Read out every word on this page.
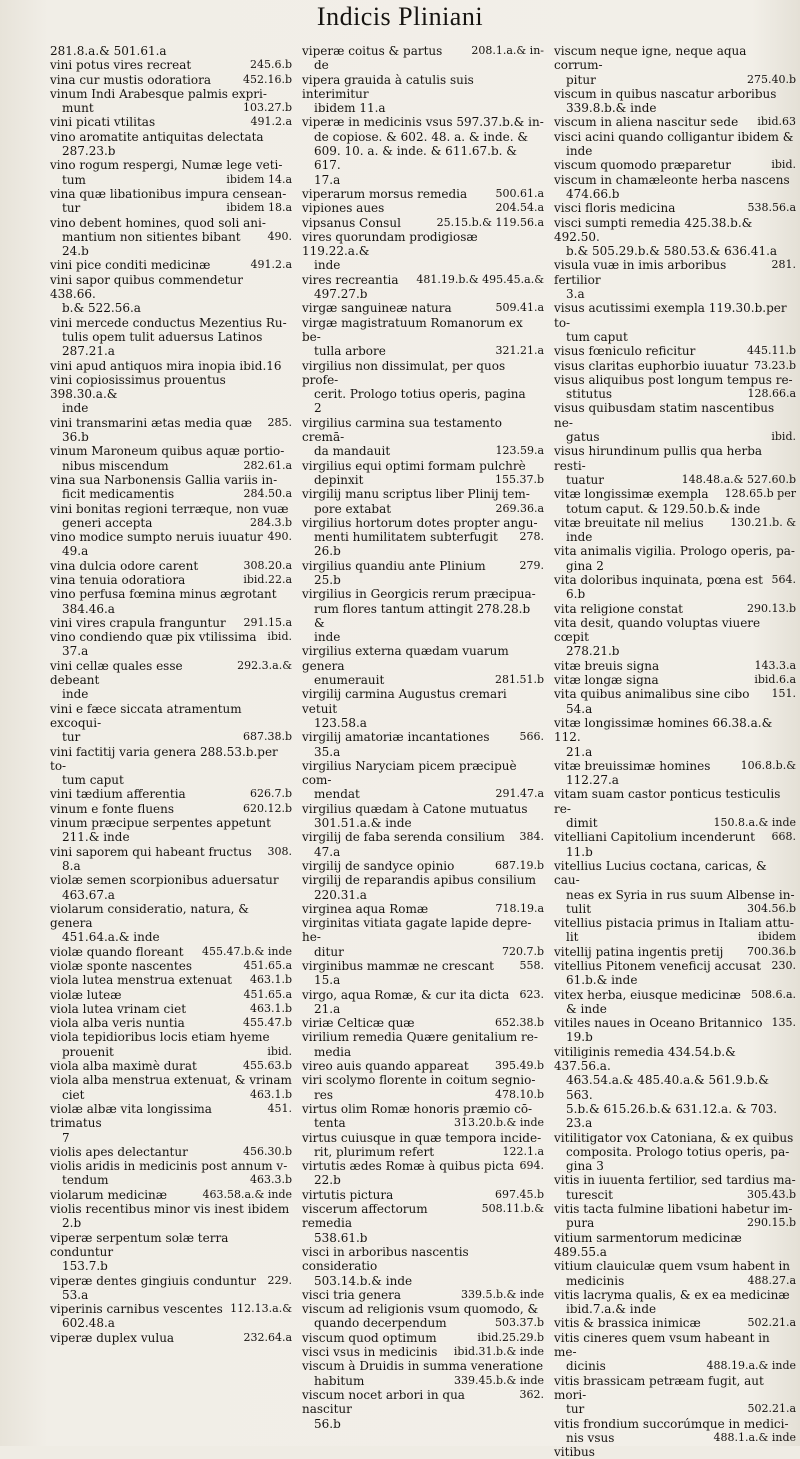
Indicis Pliniani
281.8.a.& 501.61.a
vini potus vires recreat	245.6.b
vina cur mustis odoratiora	452.16.b
vinum Indi Arabesque palmis expri-
munt	103.27.b
vini picati vtilitas	491.2.a
vino aromatite antiquitas delectata
287.23.b
vino rogum respergi, Numæ lege veti-
tum	ibidem 14.a
vina quæ libationibus impura censean-
tur	ibidem 18.a
vino debent homines, quod soli ani-
mantium non sitientes bibant	490.
24.b
vini pice conditi medicinæ	491.2.a
vini sapor quibus commendetur 438.66.
b.& 522.56.a
vini mercede conductus Mezentius Ru-
tulis opem tulit aduersus Latinos
287.21.a
vini apud antiquos mira inopia ibid.16
vini copiosissimus prouentus 398.30.a.&
inde
vini transmarini ætas media quæ	285.
36.b
vinum Maroneum quibus aquæ portio-
nibus miscendum	282.61.a
vina sua Narbonensis Gallia variis in-
ficit medicamentis	284.50.a
vini bonitas regioni terræque, non vuæ
generi accepta	284.3.b
vino modice sumpto neruis iuuatur 490.
49.a
vina dulcia odore carent	308.20.a
vina tenuia odoratiora	ibid.22.a
vino perfusa fœmina minus ægrotant
384.46.a
vini vires crapula franguntur	291.15.a
vino condiendo quæ pix vtilissima ibid.
37.a
vini cellæ quales esse debeant
292.3.a.&
inde
vini e fæce siccata atramentum excoqui-
tur	687.38.b
vini factitij varia genera 288.53.b.per to-
tum caput
vini tædium afferentia	626.7.b
vinum e fonte fluens	620.12.b
vinum præcipue serpentes appetunt
211.& inde
vini saporem qui habeant fructus	308.
8.a
violæ semen scorpionibus aduersatur
463.67.a
violarum consideratio, natura, & genera
451.64.a.& inde
violæ quando floreant	455.47.b.& inde
violæ sponte nascentes	451.65.a
viola lutea menstrua extenuat	463.1.b
violæ luteæ	451.65.a
viola lutea vrinam ciet	463.1.b
viola alba veris nuntia	455.47.b
viola tepidioribus locis etiam hyeme
prouenit	ibid.
viola alba maximè durat	455.63.b
viola alba menstrua extenuat, & vrinam
ciet	463.1.b
violæ albæ vita longissima trimatus
451.
7
violis apes delectantur	456.30.b
violis aridis in medicinis post annum v-
tendum	463.3.b
violarum medicinæ	463.58.a.& inde
violis recentibus minor vis inest ibidem
2.b
viperæ serpentum solæ terra conduntur
153.7.b
viperæ dentes gingiuis conduntur	229.
53.a
viperinis carnibus vescentes 112.13.a.&
602.48.a
viperæ duplex vulua	232.64.a
viperæ coitus & partus	208.1.a.& in-
de
vipera grauida à catulis suis interimitur
ibidem 11.a
viperæ in medicinis vsus 597.37.b.& in-
de copiose. & 602. 48. a. & inde. &
609. 10. a. & inde. & 611.67.b. & 617.
17.a
viperarum morsus remedia	500.61.a
vipiones aues	204.54.a
vipsanus Consul	25.15.b.& 119.56.a
vires quorundam prodigiosæ 119.22.a.&
inde
vires recreantia	481.19.b.& 495.45.a.&
497.27.b
virgæ sanguineæ natura	509.41.a
virgæ magistratuum Romanorum ex be-
tulla arbore	321.21.a
virgilius non dissimulat, per quos profe-
cerit. Prologo totius operis, pagina
2
virgilius carmina sua testamento cremā-
da mandauit	123.59.a
virgilius equi optimi formam pulchrè
depinxit	155.37.b
virgilij manu scriptus liber Plinij tem-
pore extabat	269.36.a
virgilius hortorum dotes propter angu-
menti humilitatem subterfugit	278.
26.b
virgilius quandiu ante Plinium	279.
25.b
virgilius in Georgicis rerum præcipua-
rum flores tantum attingit 278.28.b &
inde
virgilius externa quædam vuarum genera
enumerauit	281.51.b
virgilij carmina Augustus cremari vetuit
123.58.a
virgilij amatoriæ incantationes	566.
35.a
virgilius Naryciam picem præcipuè com-
mendat	291.47.a
virgilius quædam à Catone mutuatus
301.51.a.& inde
virgilij de faba serenda consilium	384.
47.a
virgilij de sandyce opinio	687.19.b
virgilij de reparandis apibus consilium
220.31.a
virginea aqua Romæ	718.19.a
virginitas vitiata gagate lapide depre-he-
ditur	720.7.b
virginibus mammæ ne crescant	558.
15.a
virgo, aqua Romæ, & cur ita dicta 623.
21.a
viriæ Celticæ quæ	652.38.b
virilium remedia Quære genitalium re-
media
vireo auis quando appareat	395.49.b
viri scolymo florente in coitum segnio-
res	478.10.b
virtus olim Romæ honoris præmio cō-
tenta	313.20.b.& inde
virtus cuiusque in quæ tempora incide-
rit, plurimum refert	122.1.a
virtutis ædes Romæ à quibus picta 694.
22.b
virtutis pictura	697.45.b
viscerum affectorum remedia
508.11.b.&
538.61.b
visci in arboribus nascentis consideratio
503.14.b.& inde
visci tria genera	339.5.b.& inde
viscum ad religionis vsum quomodo, &
quando decerpendum	503.37.b
viscum quod optimum	ibid.25.29.b
visci vsus in medicinis	ibid.31.b.& inde
viscum à Druidis in summa veneratione
habitum	339.45.b.& inde
viscum nocet arbori in qua nascitur
362.
56.b
viscum neque igne, neque aqua corrum-
pitur	275.40.b
viscum in quibus nascatur arboribus
339.8.b.& inde
viscum in aliena nascitur sede	ibid.63
visci acini quando colligantur ibidem &
inde
viscum quomodo præparetur	ibid.
viscum in chamæleonte herba nascens
474.66.b
visci floris medicina	538.56.a
visci sumpti remedia 425.38.b.& 492.50.
b.& 505.29.b.& 580.53.& 636.41.a
visula vuæ in imis arboribus fertilior
281.
3.a
visus acutissimi exempla 119.30.b.per to-
tum caput
visus fœniculo reficitur	445.11.b
visus claritas euphorbio iuuatur 73.23.b
visus aliquibus post longum tempus re-
stitutus	128.66.a
visus quibusdam statim nascentibus ne-
gatus	ibid.
visus hirundinum pullis qua herba resti-
tuatur	148.48.a.& 527.60.b
vitæ longissimæ exempla	128.65.b per
totum caput. & 129.50.b.& inde
vitæ breuitate nil melius	130.21.b. &
inde
vita animalis vigilia. Prologo operis, pa-
gina 2
vita doloribus inquinata, pœna est 564.
6.b
vita religione constat	290.13.b
vita desit, quando voluptas viuere cœpit
278.21.b
vitæ breuis signa	143.3.a
vitæ longæ signa	ibid.6.a
vita quibus animalibus sine cibo	151.
54.a
vitæ longissimæ homines 66.38.a.& 112.
21.a
vitæ breuissimæ homines	106.8.b.&
112.27.a
vitam suam castor ponticus testiculis re-
dimit	150.8.a.& inde
vitelliani Capitolium incenderunt	668.
11.b
vitellius Lucius coctana, caricas, & cau-
neas ex Syria in rus suum Albense in-
tulit	304.56.b
vitellius pistacia primus in Italiam attu-
lit	ibidem
vitellij patina ingentis pretij	700.36.b
vitellius Pitonem veneficij accusat 230.
61.b.& inde
vitex herba, eiusque medicinæ 508.6.a.
& inde
vitiles naues in Oceano Britannico 135.
19.b
vitiliginis remedia 434.54.b.& 437.56.a.
463.54.a.& 485.40.a.& 561.9.b.& 563.
5.b.& 615.26.b.& 631.12.a. & 703.
23.a
vitilitigator vox Catoniana, & ex quibus
composita. Prologo totius operis, pa-
gina 3
vitis in iuuenta fertilior, sed tardius ma-
turescit	305.43.b
vitis tacta fulmine libationi habetur im-
pura	290.15.b
vitium sarmentorum medicinæ 489.55.a
vitium clauiculæ quem vsum habent in
medicinis	488.27.a
vitis lacryma qualis, & ex ea medicinæ
ibid.7.a.& inde
vitis & brassica inimicæ	502.21.a
vitis cineres quem vsum habeant in me-
dicinis	488.19.a.& inde
vitis brassicam petræam fugit, aut mori-
tur	502.21.a
vitis frondium succorúmque in medici-
nis vsus	488.1.a.& inde
vitibus
